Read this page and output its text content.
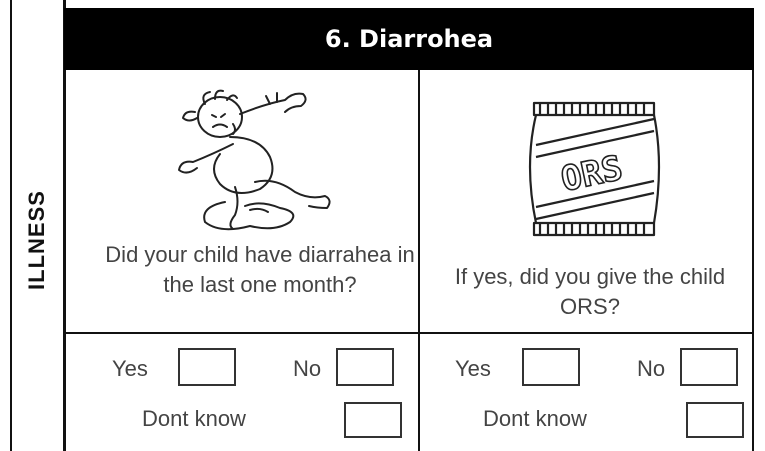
ILLNESS
6. Diarrohea
ORS
Did your child have diarrahea in the last one month?	If yes, did you give the child ORS?
Yes	No
Dont know
Yes	No
Dont know
